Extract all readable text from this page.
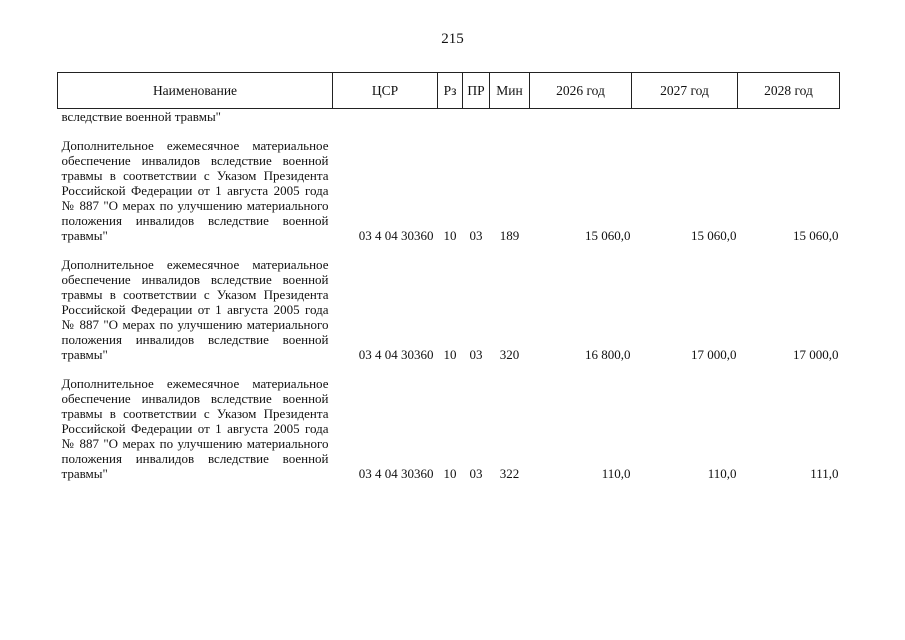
215
Наименование	ЦСР	Рз	ПР	Мин	2026 год	2027 год	2028 год
вследствие военной травмы"							

Дополнительное ежемесячное материальное обеспечение инвалидов вследствие военной травмы в соответствии с Указом Президента Российской Федерации от 1 августа 2005 года № 887 "О мерах по улучшению материального положения инвалидов вследствие военной травмы"	03 4 04 30360	10	03	189	15 060,0	15 060,0	15 060,0

Дополнительное ежемесячное материальное обеспечение инвалидов вследствие военной травмы в соответствии с Указом Президента Российской Федерации от 1 августа 2005 года № 887 "О мерах по улучшению материального положения инвалидов вследствие военной травмы"	03 4 04 30360	10	03	320	16 800,0	17 000,0	17 000,0

Дополнительное ежемесячное материальное обеспечение инвалидов вследствие военной травмы в соответствии с Указом Президента Российской Федерации от 1 августа 2005 года № 887 "О мерах по улучшению материального положения инвалидов вследствие военной травмы"	03 4 04 30360	10	03	322	110,0	110,0	111,0
